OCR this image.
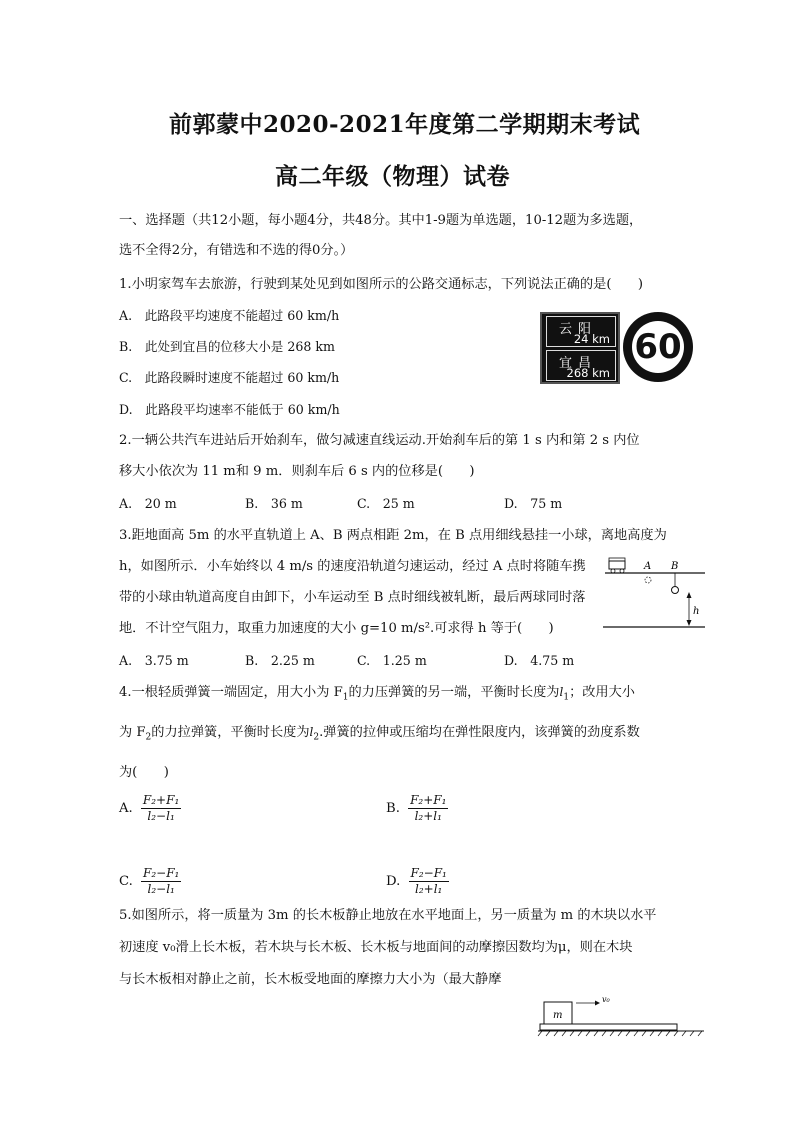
前郭蒙中2020-2021年度第二学期期末考试
高二年级（物理）试卷
一、选择题（共12小题，每小题4分，共48分。其中1-9题为单选题，10-12题为多选题，
选不全得2分，有错选和不选的得0分。）
1.小明家驾车去旅游，行驶到某处见到如图所示的公路交通标志，下列说法正确的是(　　)
A.　此路段平均速度不能超过 60 km/h
B.　此处到宜昌的位移大小是 268 km
C.　此路段瞬时速度不能超过 60 km/h
D.　此路段平均速率不能低于 60 km/h
云阳
24 km
宜昌
268 km
60
2.一辆公共汽车进站后开始刹车，做匀减速直线运动.开始刹车后的第 1 s 内和第 2 s 内位
移大小依次为 11 m和 9 m．则刹车后 6 s 内的位移是(　　)
A.　20 m	B.　36 m	C.　25 m	D.　75 m
3.距地面高 5m 的水平直轨道上 A、B 两点相距 2m，在 B 点用细线悬挂一小球，离地高度为
h，如图所示．小车始终以 4 m/s 的速度沿轨道匀速运动，经过 A 点时将随车携
带的小球由轨道高度自由卸下，小车运动至 B 点时细线被轧断，最后两球同时落
地．不计空气阻力，取重力加速度的大小 g=10 m/s².可求得 h 等于(　　)
A.　3.75 m	B.　2.25 m	C.　1.25 m	D.　4.75 m
A B
h
4.一根轻质弹簧一端固定，用大小为 $F_1$的力压弹簧的另一端，平衡时长度为$l_1$；改用大小
为 $F_2$的力拉弹簧，平衡时长度为$l_2$.弹簧的拉伸或压缩均在弹性限度内，该弹簧的劲度系数
为(　　)
A. $\frac{\text{F₂+F₁}}{\text{l₂−l₁}}$	B. $\frac{\text{F₂+F₁}}{\text{l₂+l₁}}$
C. $\frac{\text{F₂−F₁}}{\text{l₂−l₁}}$	D. $\frac{\text{F₂−F₁}}{\text{l₂+l₁}}$
5.如图所示，将一质量为 3m 的长木板静止地放在水平地面上，另一质量为 m 的木块以水平
初速度 v₀滑上长木板，若木块与长木板、长木板与地面间的动摩擦因数均为μ，则在木块
与长木板相对静止之前，长木板受地面的摩擦力大小为（最大静摩
m
v₀
